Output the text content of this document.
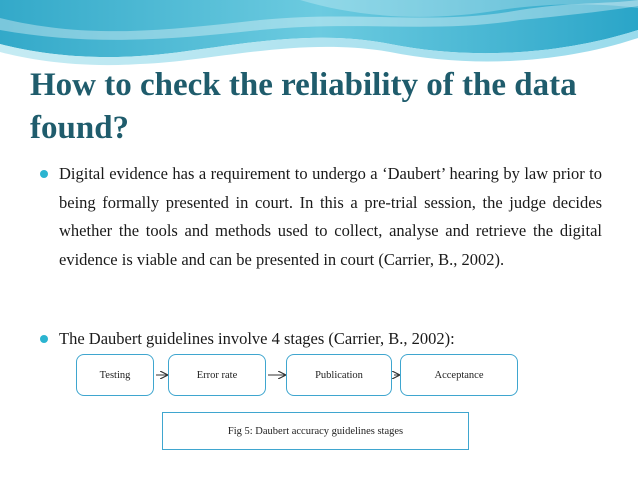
How to check the reliability of the data found?
Digital evidence has a requirement to undergo a ‘Daubert’ hearing by law prior to being formally presented in court. In this a pre-trial session, the judge decides whether the tools and methods used to collect, analyse and retrieve the digital evidence is viable and can be presented in court (Carrier, B., 2002).
The Daubert guidelines involve 4 stages (Carrier, B., 2002):
Testing	Error rate	Publication	Acceptance
Fig 5: Daubert accuracy guidelines stages
